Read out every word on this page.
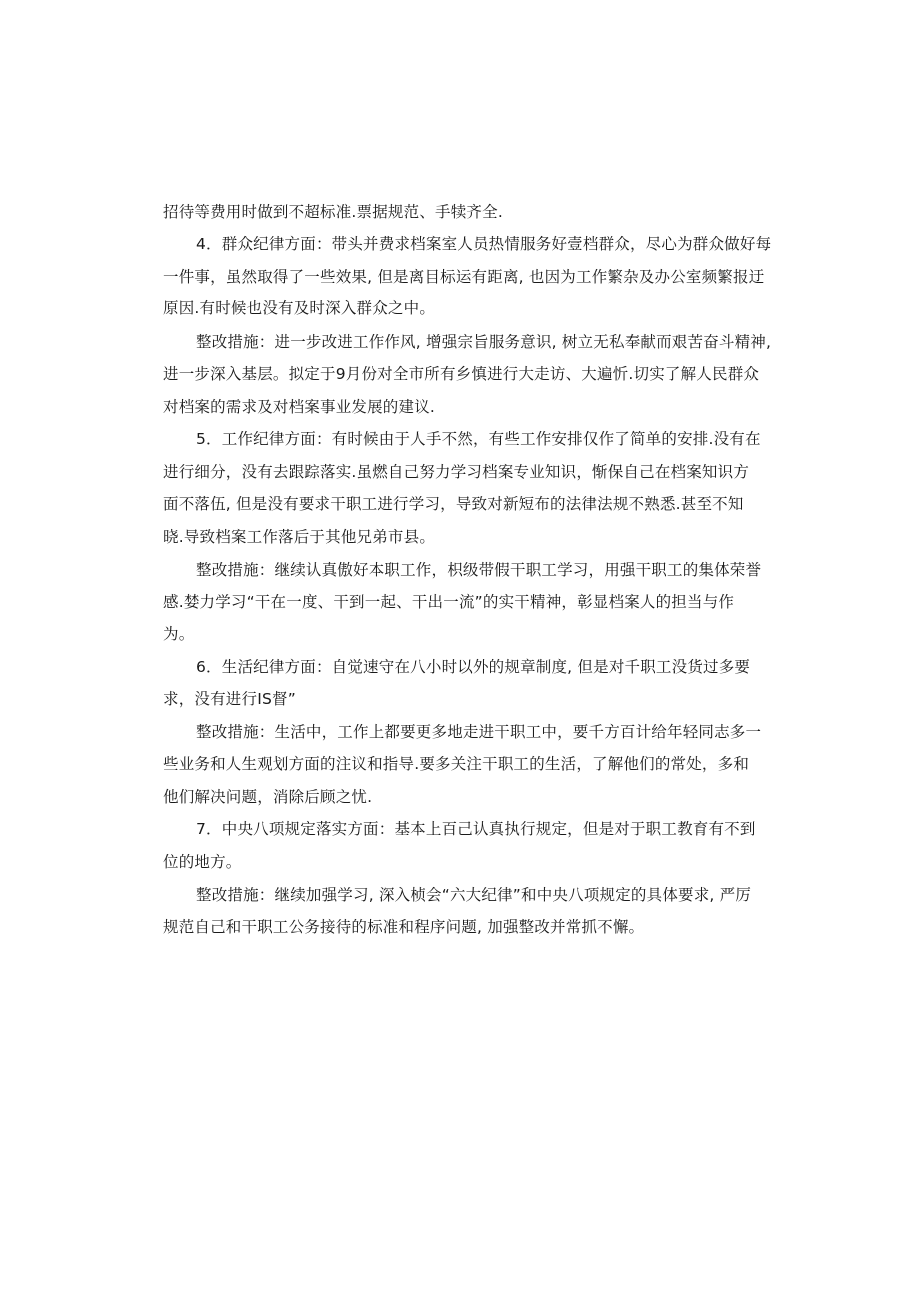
招待等费用时做到不超标准.票据规范、手犊齐全.
4．群众纪律方面：带头并费求档案室人员热情服务好壹档群众，尽心为群众做好每
一件事，虽然取得了一些效果, 但是离目标运有距离, 也因为工作繁杂及办公室频繁报迂
原因.有时候也没有及时深入群众之中。
整改措施：进一步改进工作作风, 增强宗旨服务意识, 树立无私奉献而艰苦奋斗精神,
进一步深入基层。拟定于9月份对全市所有乡慎进行大走访、大遍忻.切实了解人民群众
对档案的需求及对档案事业发展的建议.
5．工作纪律方面：有时候由于人手不然，有些工作安排仅作了简单的安排.没有在
进行细分，没有去跟踪落实.虽燃自己努力学习档案专业知识，惭保自己在档案知识方
面不落伍, 但是没有要求干职工进行学习，导致对新短布的法律法规不熟悉.甚至不知
晓.导致档案工作落后于其他兄弟市县。
整改措施：继续认真傲好本职工作，枳级带假干职工学习，用强干职工的集体荣誉
感.婪力学习“干在一度、干到一起、干出一流”的实干精神，彰显档案人的担当与作
为。
6．生活纪律方面：自觉速守在八小时以外的规章制度, 但是对千职工没货过多要
求，没有进行IS督”
整改措施：生活中，工作上都要更多地走进干职工中，要千方百计给年轻同志多一
些业务和人生观划方面的注议和指导.要多关注干职工的生活，了解他们的常处，多和
他们解决问题，消除后顾之忧.
7．中央八项规定落实方面：基本上百己认真执行规定，但是对于职工教育有不到
位的地方。
整改措施：继续加强学习, 深入桢会“六大纪律”和中央八项规定的具体要求, 严厉
规范自己和干职工公务接待的标准和程序问题, 加强整改并常抓不懈。
